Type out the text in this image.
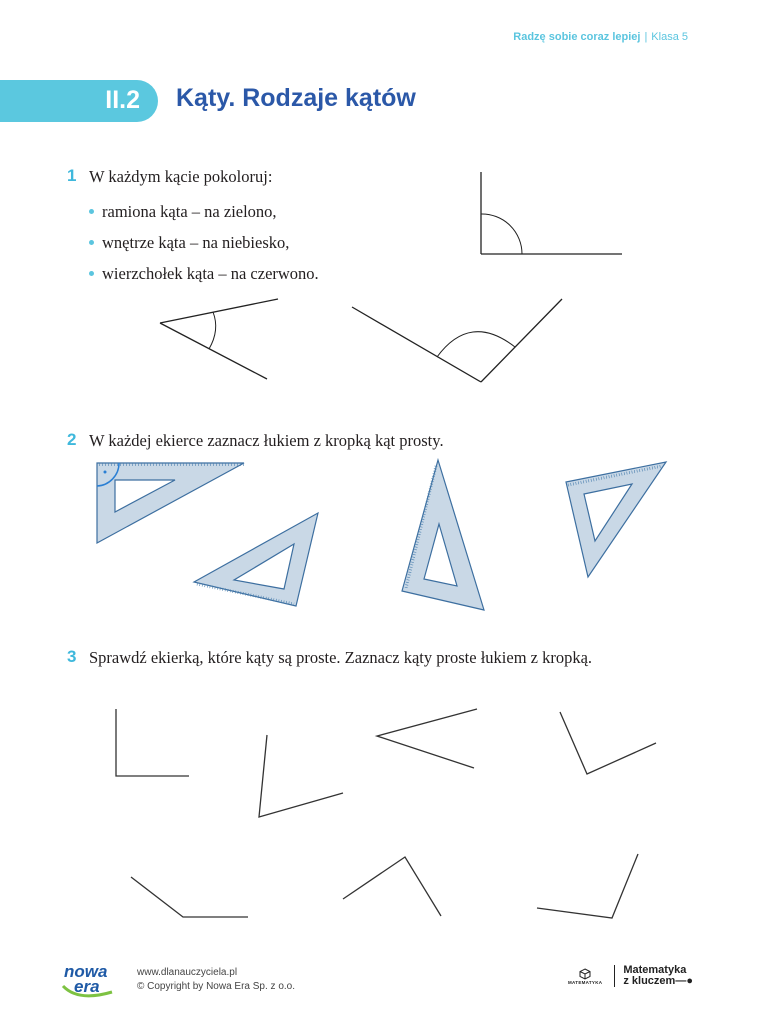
Radzę sobie coraz lepiej | Klasa 5
II.2 Kąty. Rodzaje kątów
1 W każdym kącie pokoloruj:
ramiona kąta – na zielono,
wnętrze kąta – na niebiesko,
wierzchołek kąta – na czerwono.
2 W każdej ekierce zaznacz łukiem z kropką kąt prosty.
3 Sprawdź ekierką, które kąty są proste. Zaznacz kąty proste łukiem z kropką.
nowa
era
www.dlanauczyciela.pl
© Copyright by Nowa Era Sp. z o.o.	MATEMATYKA
Matematyka
z kluczem—●
